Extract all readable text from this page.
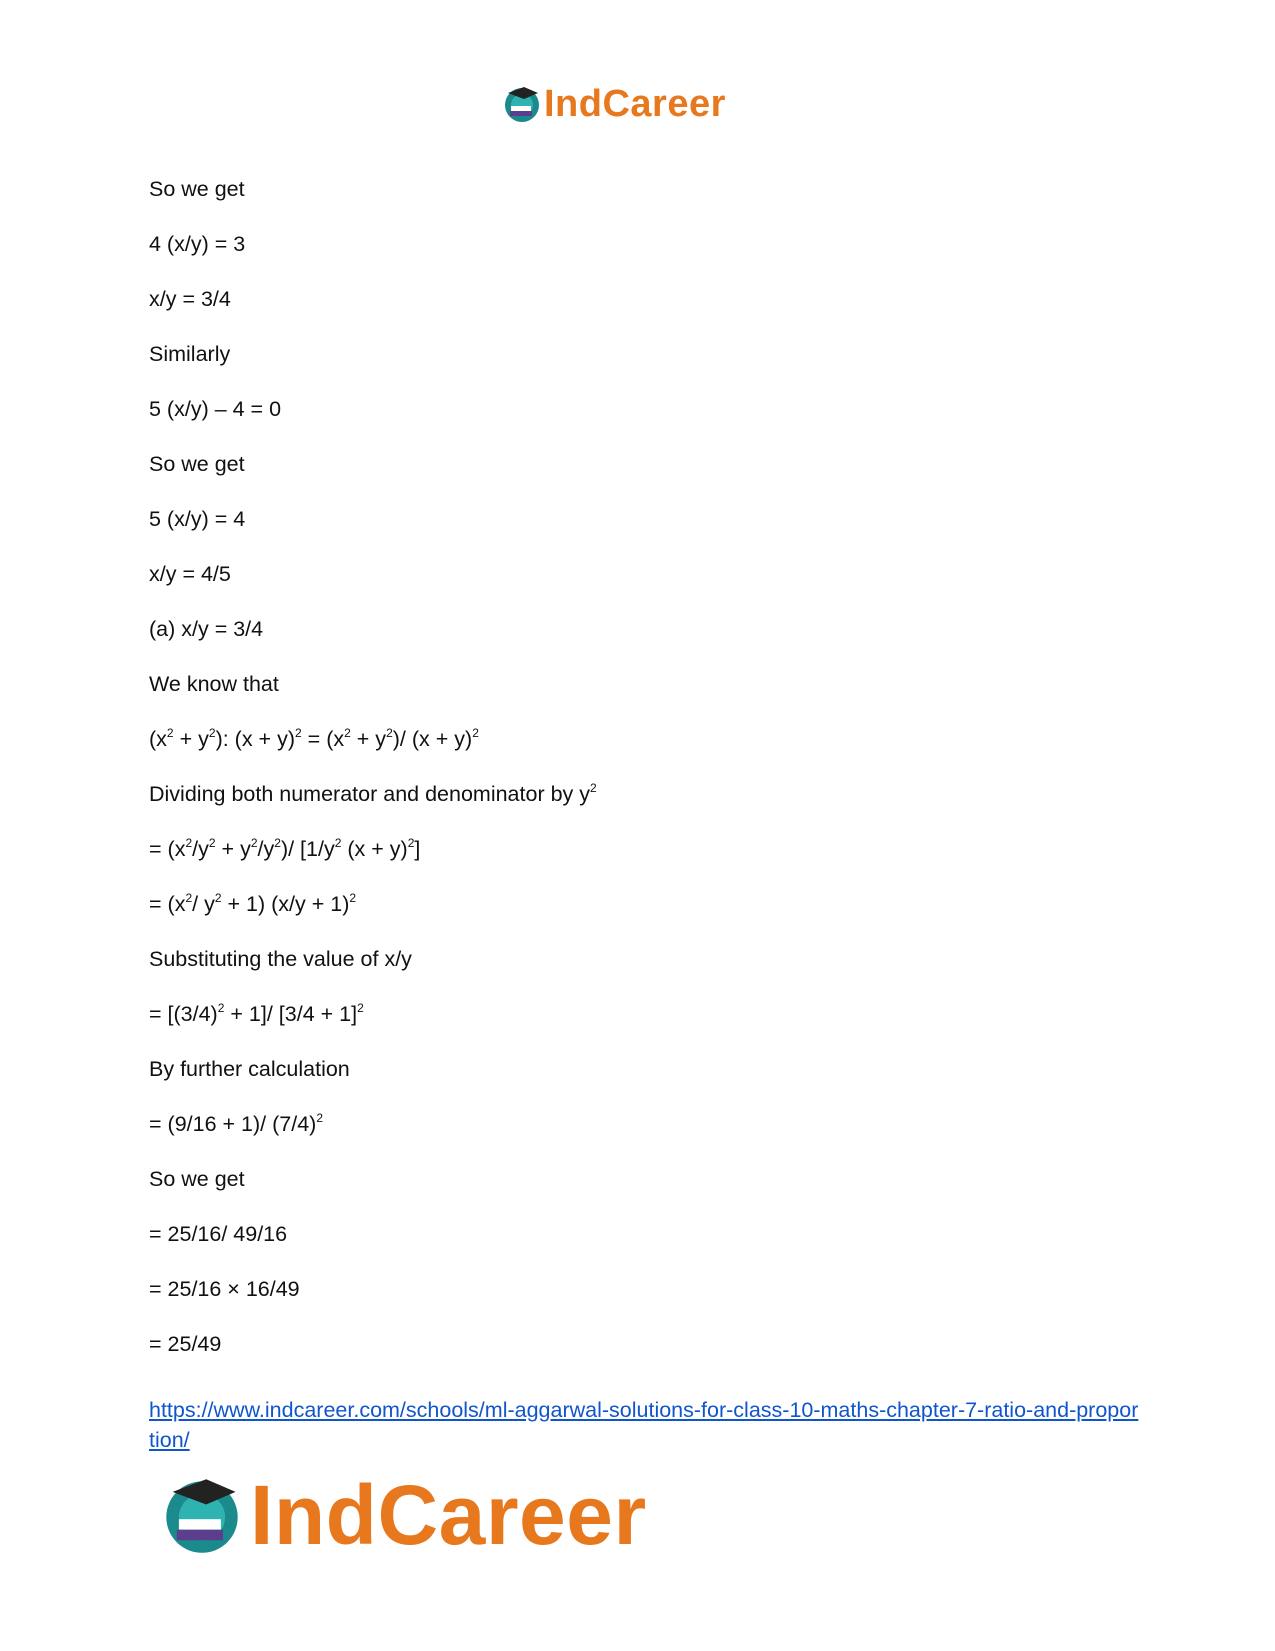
IndCareer
So we get
4 (x/y) = 3
x/y = 3/4
Similarly
5 (x/y) – 4 = 0
So we get
5 (x/y) = 4
x/y = 4/5
(a) x/y = 3/4
We know that
$(x^2 + y^2)$: $(x + y)^2 = (x^2 + y^2)/$ $(x + y)^2$
Dividing both numerator and denominator by $y^2$
= $(x^2/y^2 + y^2/y^2)/$ [$1/y^2$ $(x + y)^2$]
= ($x^2/$ $y^2 + 1$) $(x/y + 1)^2$
Substituting the value of x/y
= $[(3/4)^2 + 1]/$ $[3/4 + 1]^2$
By further calculation
= (9/16 + 1)/ $(7/4)^2$
So we get
= 25/16/ 49/16
= 25/16 × 16/49
= 25/49
https://www.indcareer.com/schools/ml-aggarwal-solutions-for-class-10-maths-chapter-7-ratio-and-proportion/
IndCareer
